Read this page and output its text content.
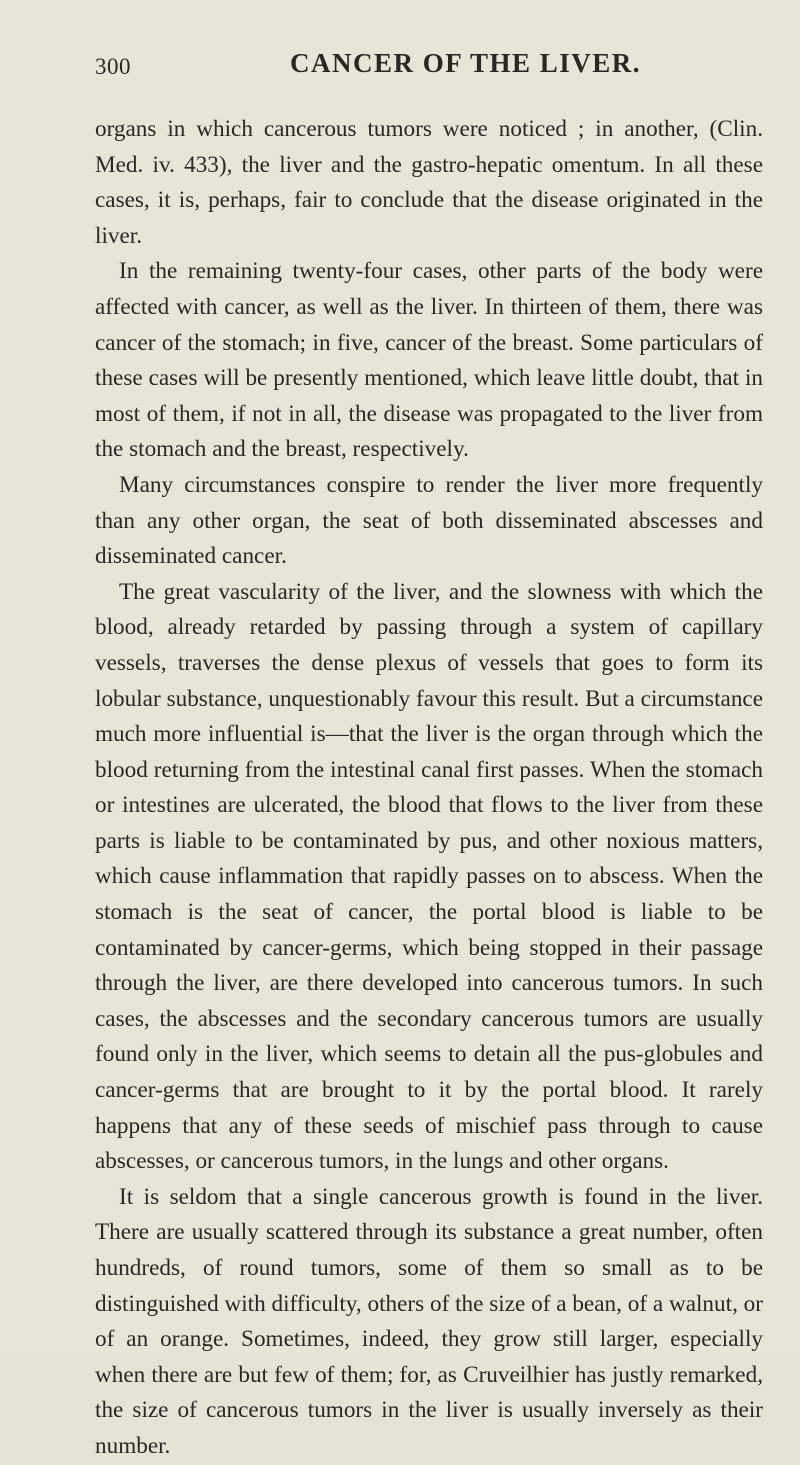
300	CANCER OF THE LIVER.

organs in which cancerous tumors were noticed ; in another, (Clin. Med. iv. 433), the liver and the gastro-hepatic omentum. In all these cases, it is, perhaps, fair to conclude that the disease originated in the liver.

In the remaining twenty-four cases, other parts of the body were affected with cancer, as well as the liver. In thirteen of them, there was cancer of the stomach; in five, cancer of the breast. Some particulars of these cases will be presently mentioned, which leave little doubt, that in most of them, if not in all, the disease was propagated to the liver from the stomach and the breast, respectively.

Many circumstances conspire to render the liver more frequently than any other organ, the seat of both disseminated abscesses and disseminated cancer.

The great vascularity of the liver, and the slowness with which the blood, already retarded by passing through a system of capillary vessels, traverses the dense plexus of vessels that goes to form its lobular substance, unquestionably favour this result. But a circumstance much more influential is—that the liver is the organ through which the blood returning from the intestinal canal first passes. When the stomach or intestines are ulcerated, the blood that flows to the liver from these parts is liable to be contaminated by pus, and other noxious matters, which cause inflammation that rapidly passes on to abscess. When the stomach is the seat of cancer, the portal blood is liable to be contaminated by cancer-germs, which being stopped in their passage through the liver, are there developed into cancerous tumors. In such cases, the abscesses and the secondary cancerous tumors are usually found only in the liver, which seems to detain all the pus-globules and cancer-germs that are brought to it by the portal blood. It rarely happens that any of these seeds of mischief pass through to cause abscesses, or cancerous tumors, in the lungs and other organs.

It is seldom that a single cancerous growth is found in the liver. There are usually scattered through its substance a great number, often hundreds, of round tumors, some of them so small as to be distinguished with difficulty, others of the size of a bean, of a walnut, or of an orange. Sometimes, indeed, they grow still larger, especially when there are but few of them; for, as Cruveilhier has justly remarked, the size of cancerous tumors in the liver is usually inversely as their number.
